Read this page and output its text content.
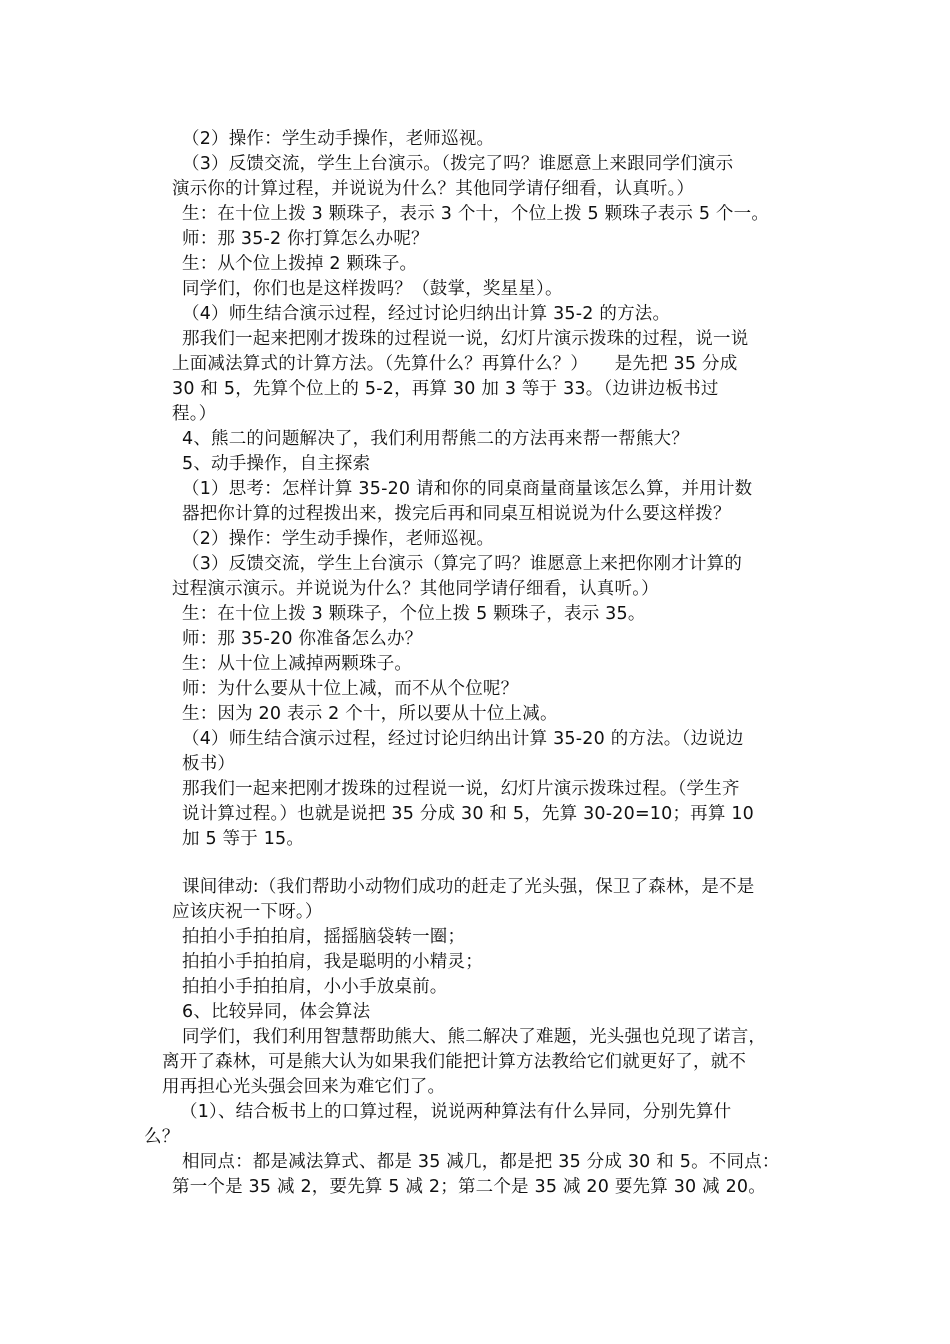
（2）操作：学生动手操作，老师巡视。
（3）反馈交流，学生上台演示。（拨完了吗？谁愿意上来跟同学们演示
演示你的计算过程，并说说为什么？其他同学请仔细看，认真听。）
生：在十位上拨 3 颗珠子，表示 3 个十，个位上拨 5 颗珠子表示 5 个一。
师：那 35-2 你打算怎么办呢？
生：从个位上拨掉 2 颗珠子。
同学们，你们也是这样拨吗？（鼓掌，奖星星）。
（4）师生结合演示过程，经过讨论归纳出计算 35-2 的方法。
那我们一起来把刚才拨珠的过程说一说，幻灯片演示拨珠的过程，说一说
上面减法算式的计算方法。（先算什么？再算什么？）　　是先把 35 分成
30 和 5，先算个位上的 5-2，再算 30 加 3 等于 33。（边讲边板书过
程。）
4、熊二的问题解决了，我们利用帮熊二的方法再来帮一帮熊大？
5、动手操作，自主探索
（1）思考：怎样计算 35-20 请和你的同桌商量商量该怎么算，并用计数
器把你计算的过程拨出来，拨完后再和同桌互相说说为什么要这样拨？
（2）操作：学生动手操作，老师巡视。
（3）反馈交流，学生上台演示（算完了吗？谁愿意上来把你刚才计算的
过程演示演示。并说说为什么？其他同学请仔细看，认真听。）
生：在十位上拨 3 颗珠子，个位上拨 5 颗珠子，表示 35。
师：那 35-20 你准备怎么办？
生：从十位上减掉两颗珠子。
师：为什么要从十位上减，而不从个位呢？
生：因为 20 表示 2 个十，所以要从十位上减。
（4）师生结合演示过程，经过讨论归纳出计算 35-20 的方法。（边说边
板书）
那我们一起来把刚才拨珠的过程说一说，幻灯片演示拨珠过程。（学生齐
说计算过程。）也就是说把 35 分成 30 和 5，先算 30-20=10；再算 10
加 5 等于 15。
课间律动:（我们帮助小动物们成功的赶走了光头强，保卫了森林，是不是
应该庆祝一下呀。）
拍拍小手拍拍肩，摇摇脑袋转一圈；
拍拍小手拍拍肩，我是聪明的小精灵；
拍拍小手拍拍肩，小小手放桌前。
6、比较异同，体会算法
同学们，我们利用智慧帮助熊大、熊二解决了难题，光头强也兑现了诺言，
离开了森林，可是熊大认为如果我们能把计算方法教给它们就更好了，就不
用再担心光头强会回来为难它们了。
（1）、结合板书上的口算过程，说说两种算法有什么异同，分别先算什
么？
相同点：都是减法算式、都是 35 减几，都是把 35 分成 30 和 5。不同点：
第一个是 35 减 2，要先算 5 减 2；第二个是 35 减 20 要先算 30 减 20。
